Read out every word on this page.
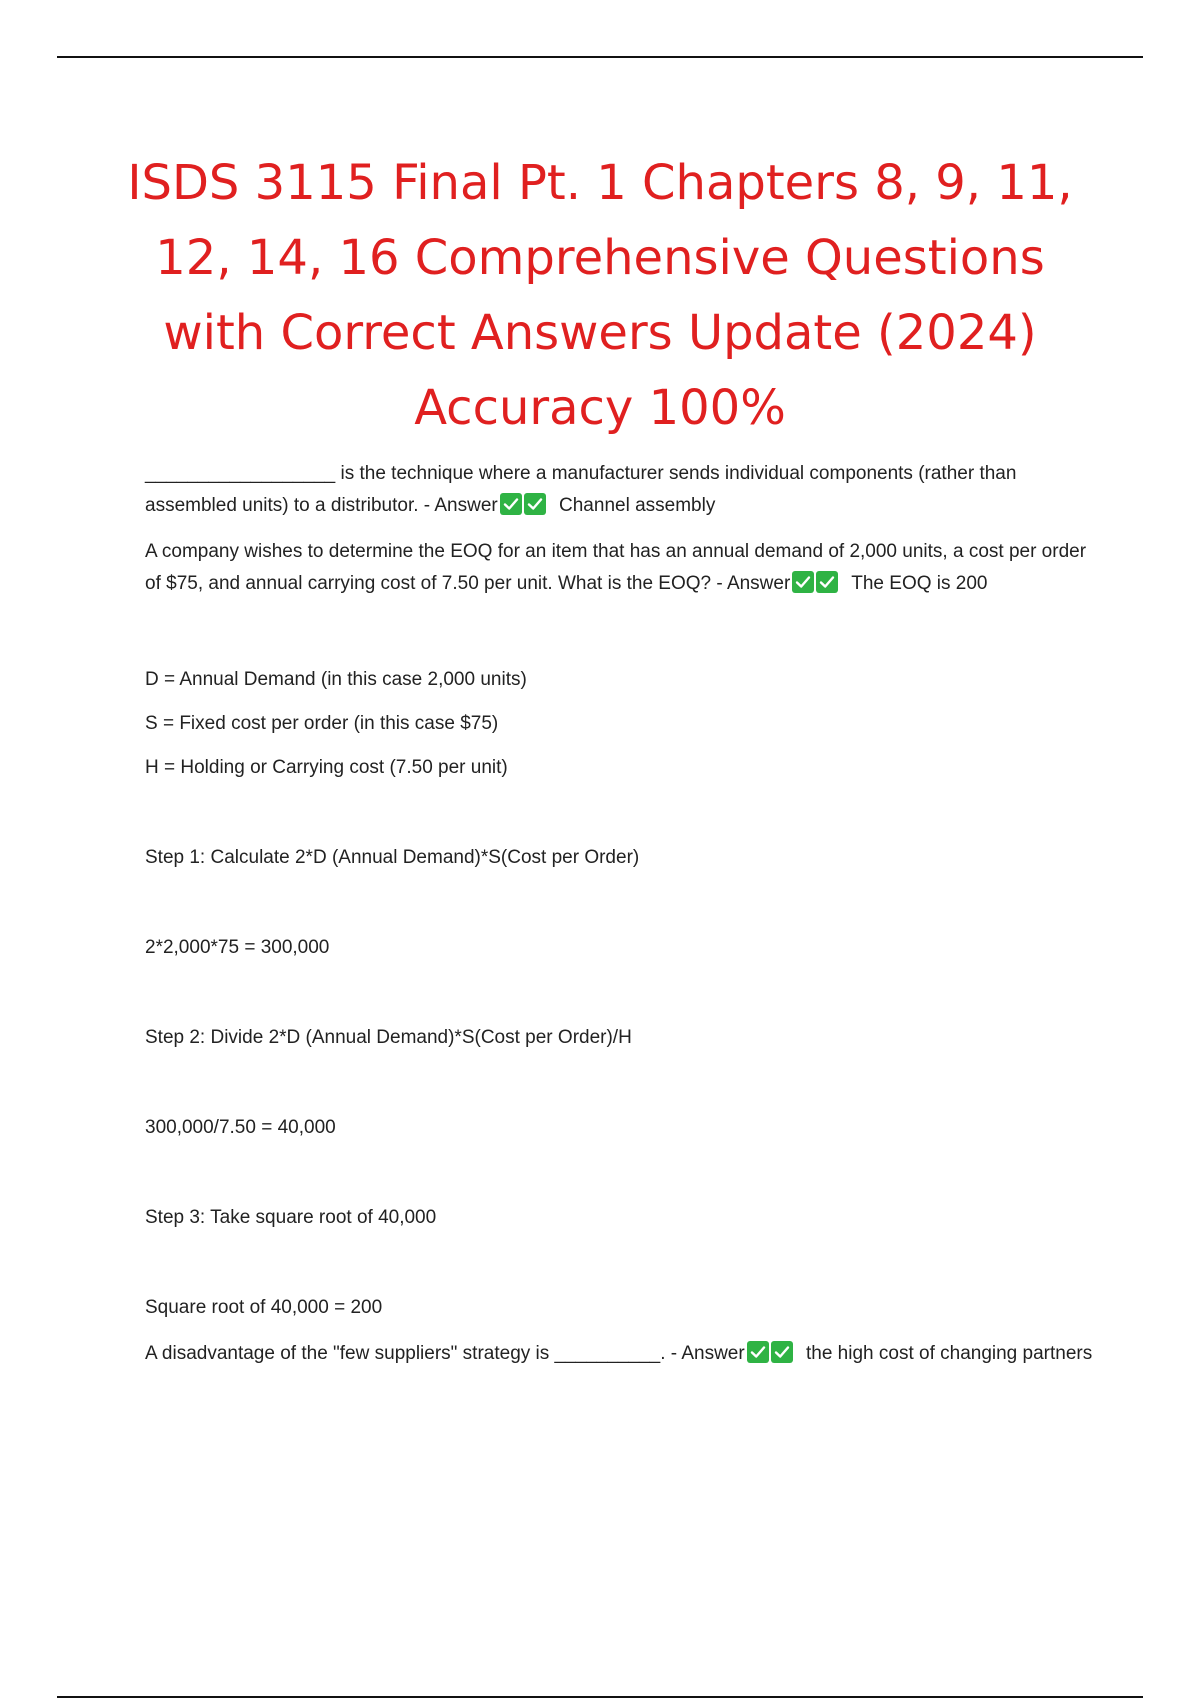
ISDS 3115 Final Pt. 1 Chapters 8, 9, 11, 12, 14, 16 Comprehensive Questions with Correct Answers Update (2024) Accuracy 100%

__________________ is the technique where a manufacturer sends individual components (rather than assembled units) to a distributor. - Answer	Channel assembly

A company wishes to determine the EOQ for an item that has an annual demand of 2,000 units, a cost per order of $75, and annual carrying cost of 7.50 per unit. What is the EOQ? - Answer	The EOQ is 200

D = Annual Demand (in this case 2,000 units)

S = Fixed cost per order (in this case $75)

H = Holding or Carrying cost (7.50 per unit)

Step 1: Calculate 2*D (Annual Demand)*S(Cost per Order)

2*2,000*75 = 300,000

Step 2: Divide 2*D (Annual Demand)*S(Cost per Order)/H

300,000/7.50 = 40,000

Step 3: Take square root of 40,000

Square root of 40,000 = 200

A disadvantage of the "few suppliers" strategy is __________. - Answer	the high cost of changing partners
